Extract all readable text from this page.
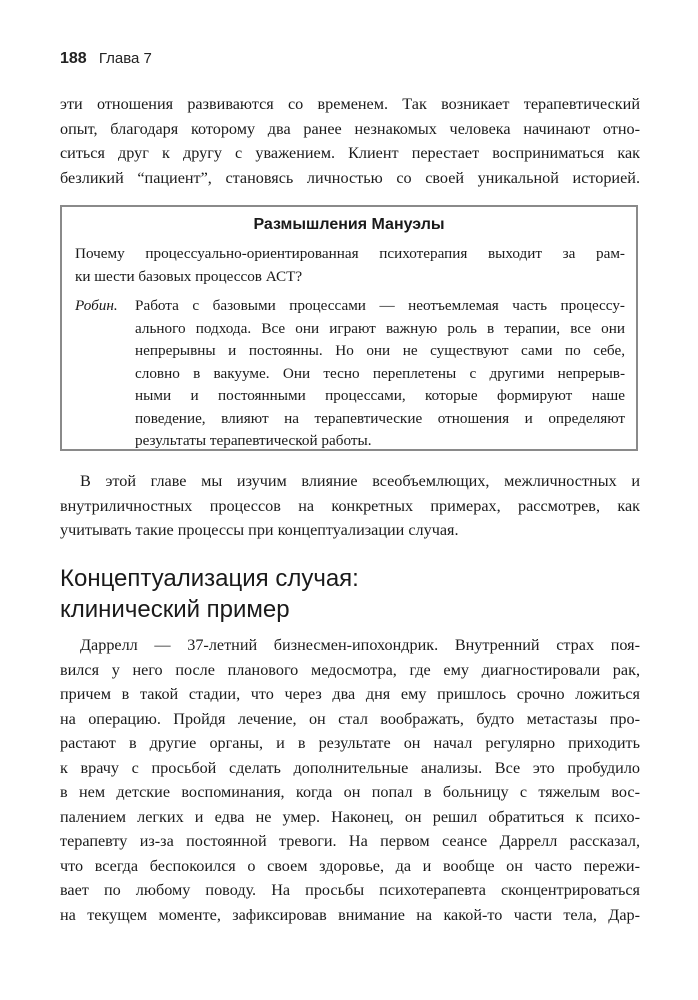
188 Глава 7
эти отношения развиваются со временем. Так возникает терапевтический
опыт, благодаря которому два ранее незнакомых человека начинают отно-
ситься друг к другу с уважением. Клиент перестает восприниматься как
безликий “пациент”, становясь личностью со своей уникальной историей.
Размышления Мануэлы
Почему процессуально-ориентированная психотерапия выходит за рам-
ки шести базовых процессов АСТ?
Робин. Работа с базовыми процессами — неотъемлемая часть процессу-
ального подхода. Все они играют важную роль в терапии, все они
непрерывны и постоянны. Но они не существуют сами по себе,
словно в вакууме. Они тесно переплетены с другими непрерыв-
ными и постоянными процессами, которые формируют наше
поведение, влияют на терапевтические отношения и определяют
результаты терапевтической работы.
В этой главе мы изучим влияние всеобъемлющих, межличностных и
внутриличностных процессов на конкретных примерах, рассмотрев, как
учитывать такие процессы при концептуализации случая.
Концептуализация случая:
клинический пример
Даррелл — 37-летний бизнесмен-ипохондрик. Внутренний страх поя-
вился у него после планового медосмотра, где ему диагностировали рак,
причем в такой стадии, что через два дня ему пришлось срочно ложиться
на операцию. Пройдя лечение, он стал воображать, будто метастазы про-
растают в другие органы, и в результате он начал регулярно приходить
к врачу с просьбой сделать дополнительные анализы. Все это пробудило
в нем детские воспоминания, когда он попал в больницу с тяжелым вос-
палением легких и едва не умер. Наконец, он решил обратиться к психо-
терапевту из-за постоянной тревоги. На первом сеансе Даррелл рассказал,
что всегда беспокоился о своем здоровье, да и вообще он часто пережи-
вает по любому поводу. На просьбы психотерапевта сконцентрироваться
на текущем моменте, зафиксировав внимание на какой-то части тела, Дар-
